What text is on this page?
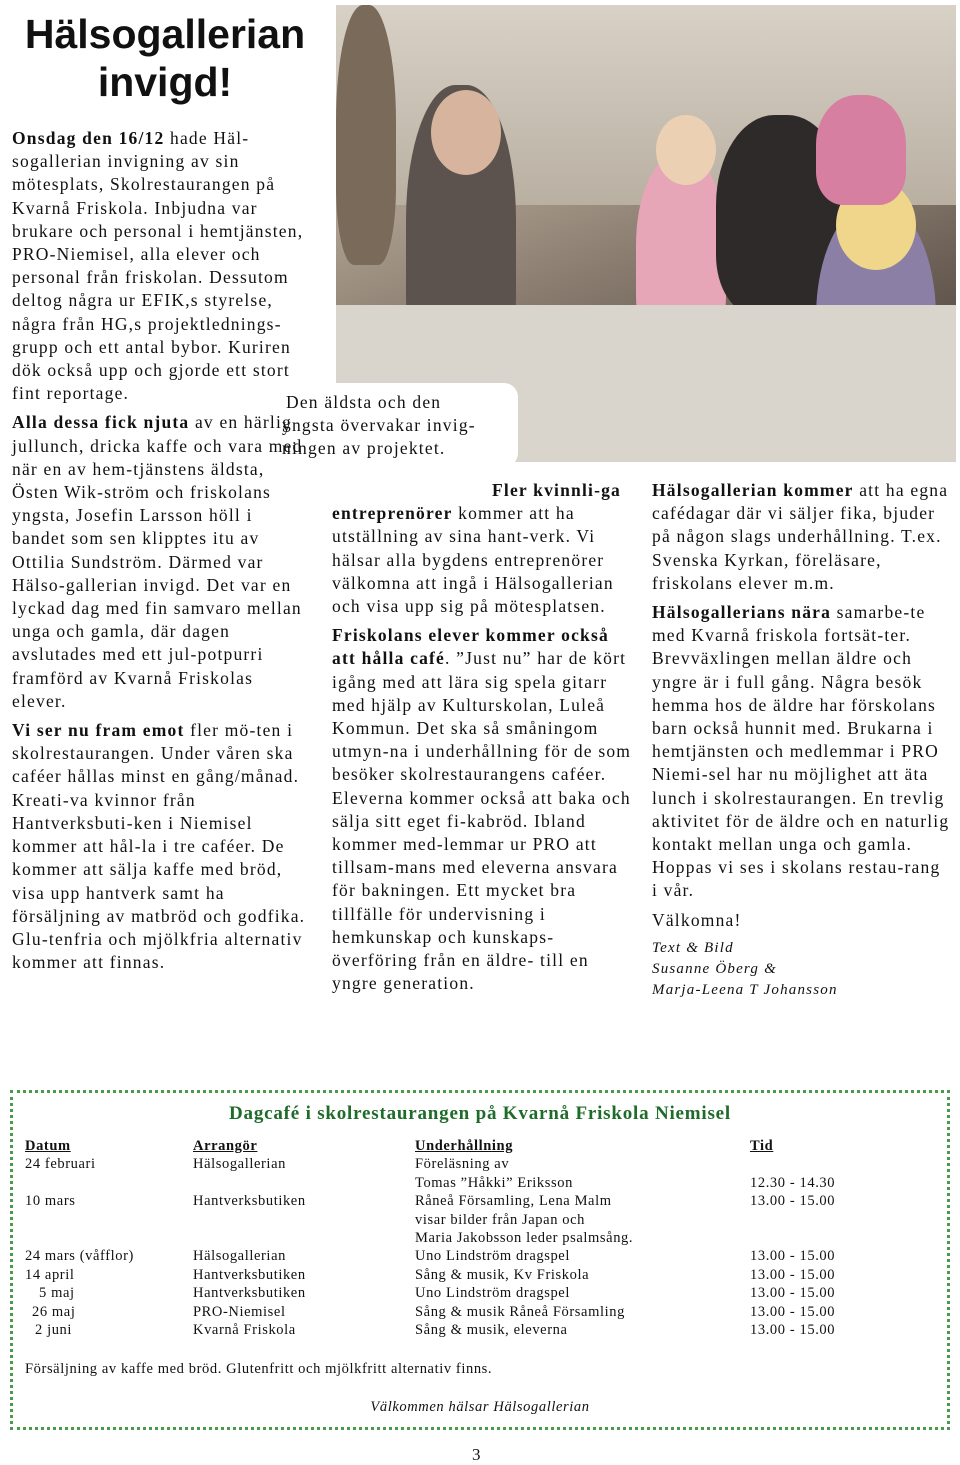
Hälsogallerian invigd!

Den äldsta och den

yngsta övervakar invig-

ningen av projektet.

Onsdag den 16/12 hade Häl-sogallerian invigning av sin mötesplats, Skolrestaurangen på Kvarnå Friskola. Inbjudna var brukare och personal i hemtjänsten, PRO-Niemisel, alla elever och personal från friskolan. Dessutom deltog några ur EFIK,s styrelse, några från HG,s projektlednings-grupp och ett antal bybor. Kuriren dök också upp och gjorde ett stort fint reportage.

Alla dessa fick njuta av en härlig jullunch, dricka kaffe och vara med när en av hem-tjänstens äldsta, Östen Wik-ström och friskolans yngsta, Josefin Larsson höll i bandet som sen klipptes itu av Ottilia Sundström. Därmed var Hälso-gallerian invigd. Det var en lyckad dag med fin samvaro mellan unga och gamla, där dagen avslutades med ett jul-potpurri framförd av Kvarnå Friskolas elever.

Vi ser nu fram emot fler mö-ten i skolrestaurangen. Under våren ska caféer hållas minst en gång/månad. Kreati-va kvinnor från Hantverksbuti-ken i Niemisel kommer att hål-la i tre caféer. De kommer att sälja kaffe med bröd, visa upp hantverk samt ha försäljning av matbröd och godfika. Glu-tenfria och mjölkfria alternativ kommer att finnas.

Fler kvinnli-ga entreprenörer kommer att ha utställning av sina hant-verk. Vi hälsar alla bygdens entreprenörer välkomna att ingå i Hälsogallerian och visa upp sig på mötesplatsen.

Friskolans elever kommer också att hålla café. ”Just nu” har de kört igång med att lära sig spela gitarr med hjälp av Kulturskolan, Luleå Kommun. Det ska så småningom utmyn-na i underhållning för de som besöker skolrestaurangens caféer. Eleverna kommer också att baka och sälja sitt eget fi-kabröd. Ibland kommer med-lemmar ur PRO att tillsam-mans med eleverna ansvara för bakningen. Ett mycket bra tillfälle för undervisning i hemkunskap och kunskaps-överföring från en äldre- till en yngre generation.

Hälsogallerian kommer att ha egna cafédagar där vi säljer fika, bjuder på någon slags underhållning. T.ex. Svenska Kyrkan, föreläsare, friskolans elever m.m.

Hälsogallerians nära samarbe-te med Kvarnå friskola fortsät-ter. Brevväxlingen mellan äldre och yngre är i full gång. Några besök hemma hos de äldre har förskolans barn också hunnit med. Brukarna i hemtjänsten och medlemmar i PRO Niemi-sel har nu möjlighet att äta lunch i skolrestaurangen. En trevlig aktivitet för de äldre och en naturlig kontakt mellan unga och gamla.

Hoppas vi ses i skolans restau-rang i vår.

Välkomna!

Text & Bild

Susanne Öberg &

Marja-Leena T Johansson

Dagcafé i skolrestaurangen på Kvarnå Friskola Niemisel
Datum	Arrangör	Underhållning	Tid
24 februari	Hälsogallerian	Föreläsning av	
		Tomas ”Håkki” Eriksson	12.30 - 14.30
10 mars	Hantverksbutiken	Råneå Församling, Lena Malm	13.00 - 15.00
		visar bilder från Japan och	
		Maria Jakobsson leder psalmsång.	
24 mars (våfflor)	Hälsogallerian	Uno Lindström dragspel	13.00 - 15.00
14 april	Hantverksbutiken	Sång & musik, Kv Friskola	13.00 - 15.00
5 maj	Hantverksbutiken	Uno Lindström dragspel	13.00 - 15.00
26 maj	PRO-Niemisel	Sång & musik Råneå Församling	13.00 - 15.00
2 juni	Kvarnå Friskola	Sång & musik, eleverna	13.00 - 15.00
Försäljning av kaffe med bröd. Glutenfritt och mjölkfritt alternativ finns.
Välkommen hälsar Hälsogallerian
3
